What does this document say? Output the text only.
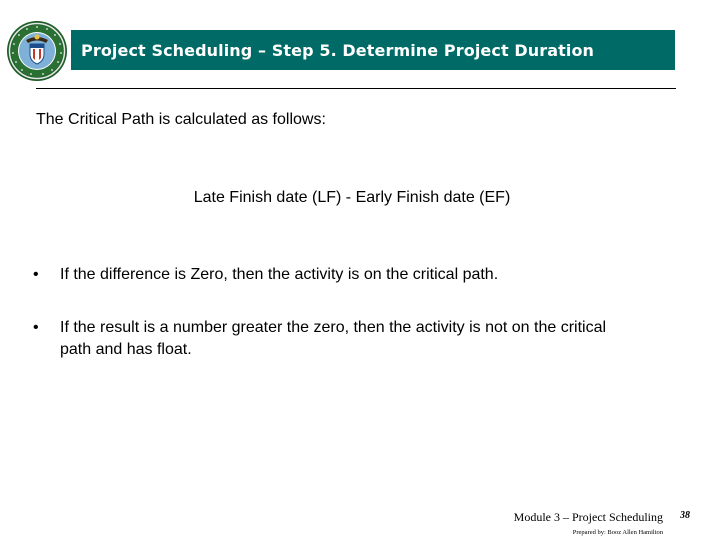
Project Scheduling – Step 5. Determine Project Duration
The Critical Path is calculated as follows:
Late Finish date (LF) - Early Finish date (EF)
•	If the difference is Zero, then the activity is on the critical path.
•	If the result is a number greater the zero, then the activity is not on the critical path and has float.
Module 3 – Project Scheduling 38
Prepared by: Booz Allen Hamilton
